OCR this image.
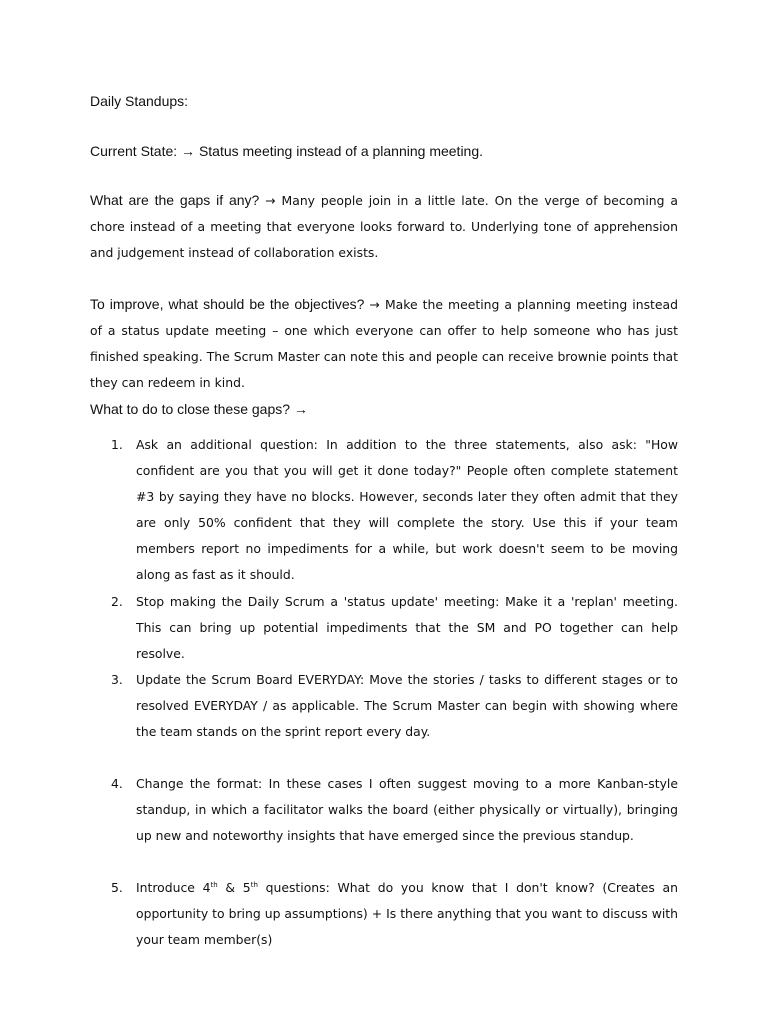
Daily Standups:
Current State: → Status meeting instead of a planning meeting.
What are the gaps if any? → Many people join in a little late. On the verge of becoming a chore instead of a meeting that everyone looks forward to. Underlying tone of apprehension and judgement instead of collaboration exists.
To improve, what should be the objectives? → Make the meeting a planning meeting instead of a status update meeting – one which everyone can offer to help someone who has just finished speaking. The Scrum Master can note this and people can receive brownie points that they can redeem in kind.
What to do to close these gaps? →
1. Ask an additional question: In addition to the three statements, also ask: "How confident are you that you will get it done today?" People often complete statement #3 by saying they have no blocks. However, seconds later they often admit that they are only 50% confident that they will complete the story. Use this if your team members report no impediments for a while, but work doesn't seem to be moving along as fast as it should.
2. Stop making the Daily Scrum a 'status update' meeting: Make it a 'replan' meeting. This can bring up potential impediments that the SM and PO together can help resolve.
3. Update the Scrum Board EVERYDAY: Move the stories / tasks to different stages or to resolved EVERYDAY / as applicable. The Scrum Master can begin with showing where the team stands on the sprint report every day.
4. Change the format: In these cases I often suggest moving to a more Kanban-style standup, in which a facilitator walks the board (either physically or virtually), bringing up new and noteworthy insights that have emerged since the previous standup.
5. Introduce 4th & 5th questions: What do you know that I don't know? (Creates an opportunity to bring up assumptions) + Is there anything that you want to discuss with your team member(s)
